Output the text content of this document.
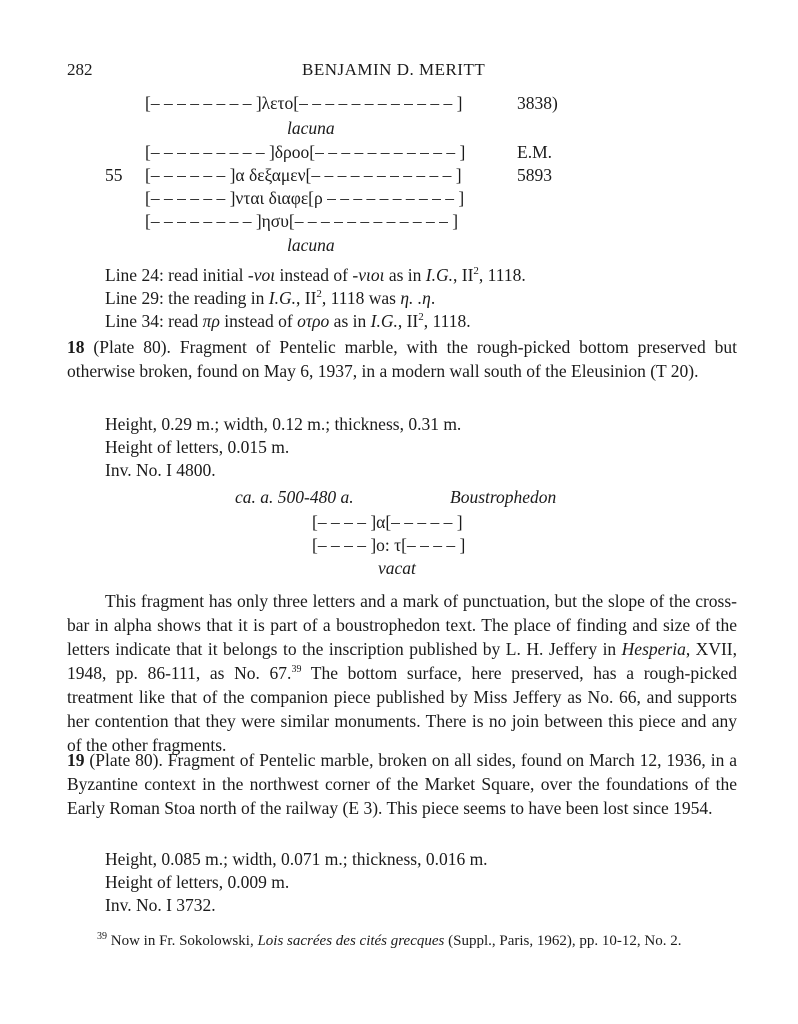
282	BENJAMIN D. MERITT
[– – – – – – – – ]λετο[– – – – – – – – – – – – ]	3838)
lacuna
[– – – – – – – – – ]δροο[– – – – – – – – – – – ]	E.M.
55 [– – – – – – ]α δεξαμεν[– – – – – – – – – – – ]	5893
[– – – – – – ]νται διαφε[ρ – – – – – – – – – – ]
[– – – – – – – – ]ησυ[– – – – – – – – – – – – ]
lacuna
Line 24: read initial -νοι instead of -νιοι as in I.G., $II^2$, 1118.
Line 29: the reading in I.G., $II^2$, 1118 was η. .η.
Line 34: read πρ instead of οτρο as in I.G., $II^2$, 1118.

18 (Plate 80). Fragment of Pentelic marble, with the rough-picked bottom preserved but otherwise broken, found on May 6, 1937, in a modern wall south of the Eleusinion (T 20).

Height, 0.29 m.; width, 0.12 m.; thickness, 0.31 m.
Height of letters, 0.015 m.
Inv. No. I 4800.
ca. a. 500-480 a.	Boustrophedon
[– – – – ]α[– – – – – ]
[– – – – ]ο: τ[– – – – ]
vacat

This fragment has only three letters and a mark of punctuation, but the slope of the cross-bar in alpha shows that it is part of a boustrophedon text. The place of finding and size of the letters indicate that it belongs to the inscription published by L. H. Jeffery in Hesperia, XVII, 1948, pp. 86-111, as No. 67.39 The bottom surface, here preserved, has a rough-picked treatment like that of the companion piece published by Miss Jeffery as No. 66, and supports her contention that they were similar monuments. There is no join between this piece and any of the other fragments.

19 (Plate 80). Fragment of Pentelic marble, broken on all sides, found on March 12, 1936, in a Byzantine context in the northwest corner of the Market Square, over the foundations of the Early Roman Stoa north of the railway (E 3). This piece seems to have been lost since 1954.

Height, 0.085 m.; width, 0.071 m.; thickness, 0.016 m.
Height of letters, 0.009 m.
Inv. No. I 3732.
$^{39}$ Now in Fr. Sokolowski, Lois sacrées des cités grecques (Suppl., Paris, 1962), pp. 10-12, No. 2.
